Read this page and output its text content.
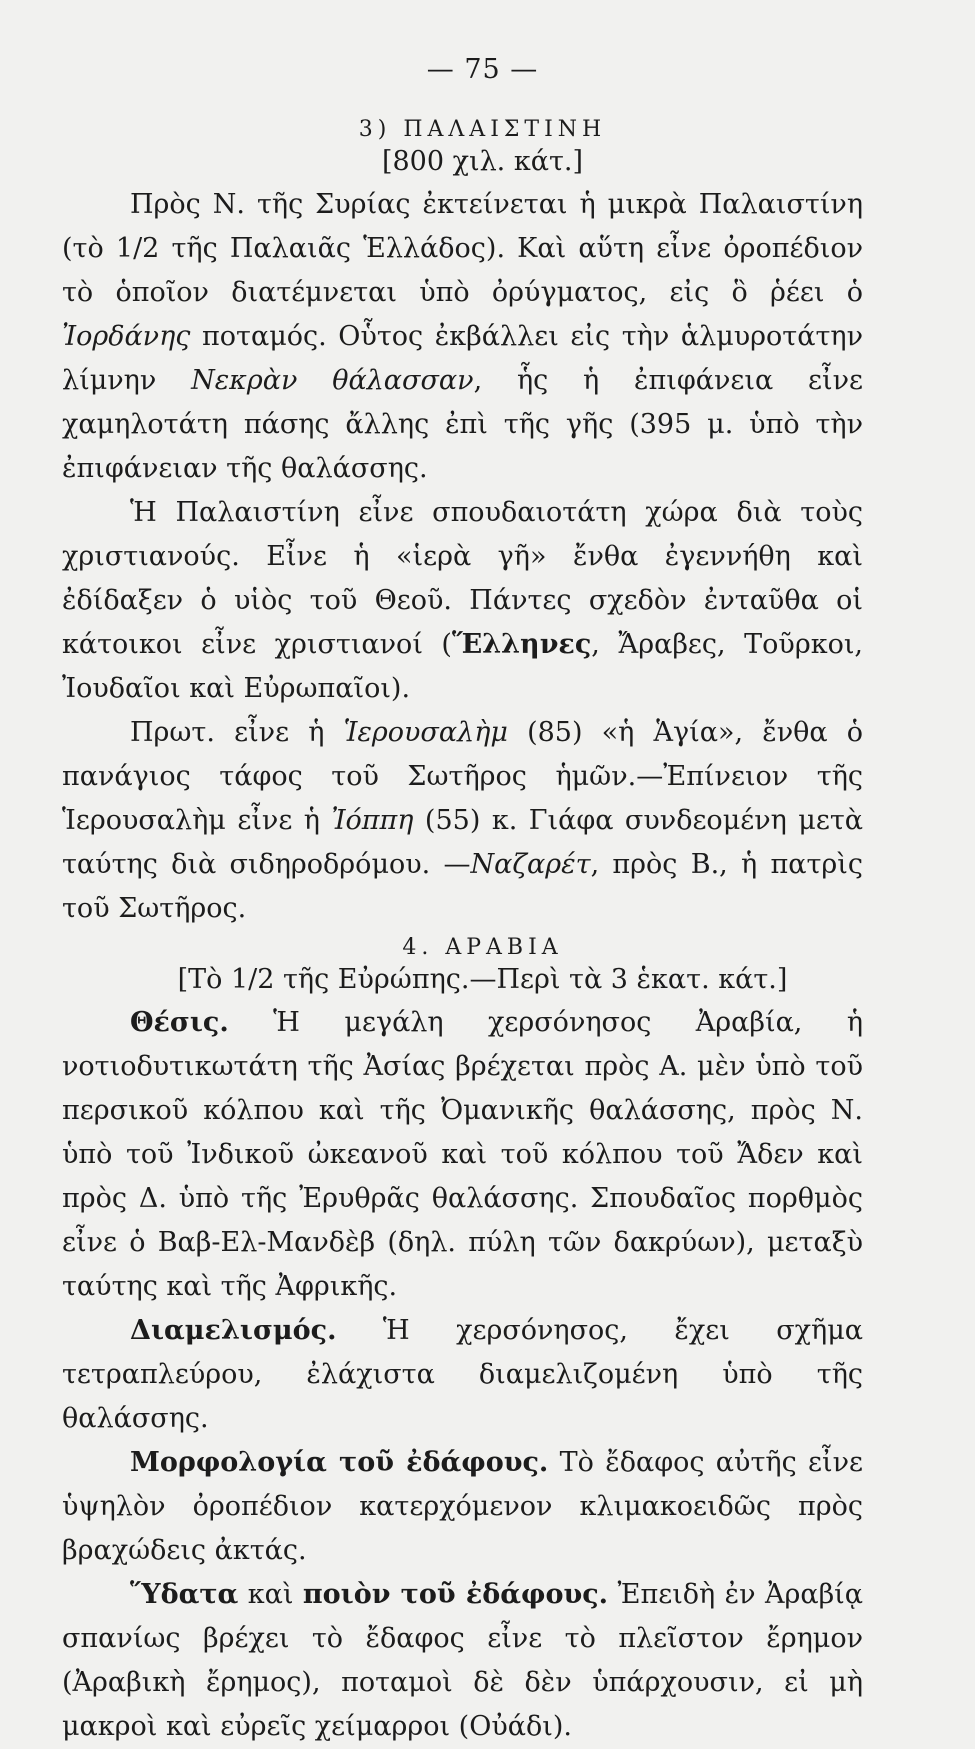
— 75 —
3) ΠΑΛΑΙΣΤΙΝΗ
[800 χιλ. κάτ.]

Πρὸς Ν. τῆς Συρίας ἐκτείνεται ἡ μικρὰ Παλαιστίνη (τὸ 1/2 τῆς Παλαιᾶς Ἑλλάδος). Καὶ αὕτη εἶνε ὀροπέδιον τὸ ὁποῖον διατέμνεται ὑπὸ ὀρύγματος, εἰς ὃ ῥέει ὁ Ἰορδάνης ποταμός. Οὗτος ἐκβάλλει εἰς τὴν ἁλμυροτάτην λίμνην Νεκρὰν θάλασσαν, ἧς ἡ ἐπιφάνεια εἶνε χαμηλοτάτη πάσης ἄλλης ἐπὶ τῆς γῆς (395 μ. ὑπὸ τὴν ἐπιφάνειαν τῆς θαλάσσης.

Ἡ Παλαιστίνη εἶνε σπουδαιοτάτη χώρα διὰ τοὺς χριστιανούς. Εἶνε ἡ «ἱερὰ γῆ» ἔνθα ἐγεννήθη καὶ ἐδίδαξεν ὁ υἱὸς τοῦ Θεοῦ. Πάντες σχεδὸν ἐνταῦθα οἱ κάτοικοι εἶνε χριστιανοί (Ἕλληνες, Ἄραβες, Τοῦρκοι, Ἰουδαῖοι καὶ Εὐρωπαῖοι).

Πρωτ. εἶνε ἡ Ἱερουσαλὴμ (85) «ἡ Ἁγία», ἔνθα ὁ πανάγιος τάφος τοῦ Σωτῆρος ἡμῶν.—Ἐπίνειον τῆς Ἱερουσαλὴμ εἶνε ἡ Ἰόππη (55) κ. Γιάφα συνδεομένη μετὰ ταύτης διὰ σιδηροδρόμου. —Ναζαρέτ, πρὸς Β., ἡ πατρὶς τοῦ Σωτῆρος.

4. ΑΡΑΒΙΑ
[Τὸ 1/2 τῆς Εὐρώπης.—Περὶ τὰ 3 ἑκατ. κάτ.]

Θέσις. Ἡ μεγάλη χερσόνησος Ἀραβία, ἡ νοτιοδυτικωτάτη τῆς Ἀσίας βρέχεται πρὸς Α. μὲν ὑπὸ τοῦ περσικοῦ κόλπου καὶ τῆς Ὀμανικῆς θαλάσσης, πρὸς Ν. ὑπὸ τοῦ Ἰνδικοῦ ὠκεανοῦ καὶ τοῦ κόλπου τοῦ Ἄδεν καὶ πρὸς Δ. ὑπὸ τῆς Ἐρυθρᾶς θαλάσσης. Σπουδαῖος πορθμὸς εἶνε ὁ Βαβ-Ελ-Μανδὲβ (δηλ. πύλη τῶν δακρύων), μεταξὺ ταύτης καὶ τῆς Ἀφρικῆς.

Διαμελισμός. Ἡ χερσόνησος, ἔχει σχῆμα τετραπλεύρου, ἐλάχιστα διαμελιζομένη ὑπὸ τῆς θαλάσσης.

Μορφολογία τοῦ ἐδάφους. Τὸ ἔδαφος αὐτῆς εἶνε ὑψηλὸν ὀροπέδιον κατερχόμενον κλιμακοειδῶς πρὸς βραχώδεις ἀκτάς.

Ὕδατα καὶ ποιὸν τοῦ ἐδάφους. Ἐπειδὴ ἐν Ἀραβίᾳ σπανίως βρέχει τὸ ἔδαφος εἶνε τὸ πλεῖστον ἔρημον (Ἀραβικὴ ἔρημος), ποταμοὶ δὲ δὲν ὑπάρχουσιν, εἰ μὴ μακροὶ καὶ εὐρεῖς χείμαρροι (Οὐάδι).
